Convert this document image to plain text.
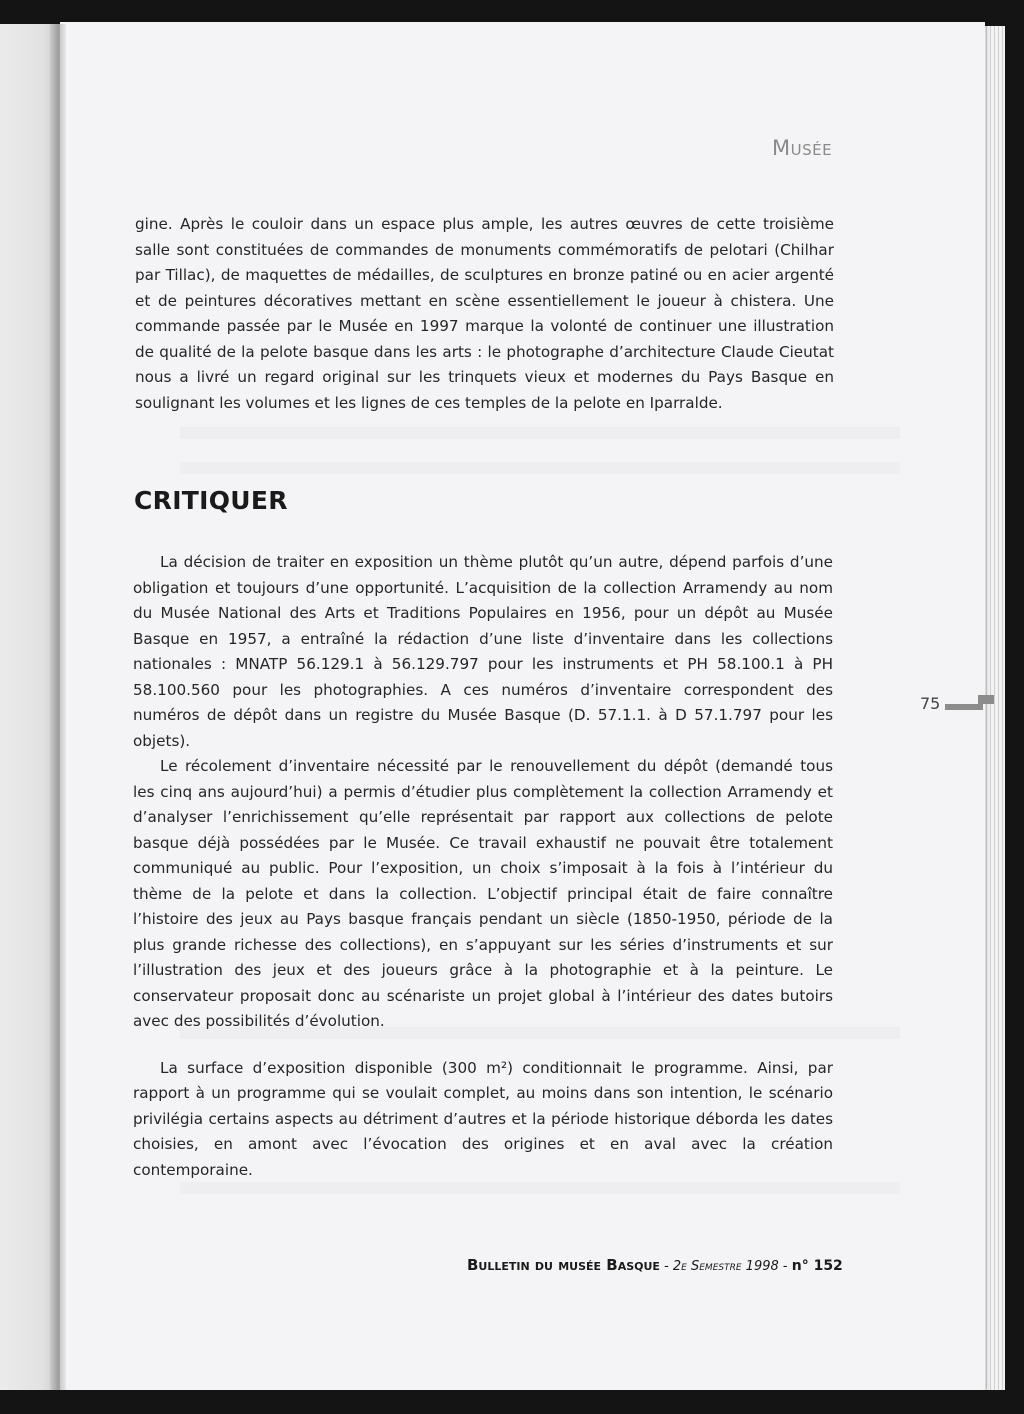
Musée
gine. Après le couloir dans un espace plus ample, les autres œuvres de cette troisième salle sont constituées de commandes de monuments commémoratifs de pelotari (Chilhar par Tillac), de maquettes de médailles, de sculptures en bronze patiné ou en acier argenté et de peintures décoratives mettant en scène essentiellement le joueur à chistera. Une commande passée par le Musée en 1997 marque la volonté de continuer une illustration de qualité de la pelote basque dans les arts : le photographe d’architecture Claude Cieutat nous a livré un regard original sur les trinquets vieux et modernes du Pays Basque en soulignant les volumes et les lignes de ces temples de la pelote en Iparralde.
CRITIQUER

La décision de traiter en exposition un thème plutôt qu’un autre, dépend parfois d’une obligation et toujours d’une opportunité. L’acquisition de la collection Arramendy au nom du Musée National des Arts et Traditions Populaires en 1956, pour un dépôt au Musée Basque en 1957, a entraîné la rédaction d’une liste d’inventaire dans les collections nationales : MNATP 56.129.1 à 56.129.797 pour les instruments et PH 58.100.1 à PH 58.100.560 pour les photographies. A ces numéros d’inventaire correspondent des numéros de dépôt dans un registre du Musée Basque (D. 57.1.1. à D 57.1.797 pour les objets).

Le récolement d’inventaire nécessité par le renouvellement du dépôt (demandé tous les cinq ans aujourd’hui) a permis d’étudier plus complètement la collection Arramendy et d’analyser l’enrichissement qu’elle représentait par rapport aux collections de pelote basque déjà possédées par le Musée. Ce travail exhaustif ne pouvait être totalement communiqué au public. Pour l’exposition, un choix s’imposait à la fois à l’intérieur du thème de la pelote et dans la collection. L’objectif principal était de faire connaître l’histoire des jeux au Pays basque français pendant un siècle (1850-1950, période de la plus grande richesse des collections), en s’appuyant sur les séries d’instruments et sur l’illustration des jeux et des joueurs grâce à la photographie et à la peinture. Le conservateur proposait donc au scénariste un projet global à l’intérieur des dates butoirs avec des possibilités d’évolution.

La surface d’exposition disponible (300 m²) conditionnait le programme. Ainsi, par rapport à un programme qui se voulait complet, au moins dans son intention, le scénario privilégia certains aspects au détriment d’autres et la période historique déborda les dates choisies, en amont avec l’évocation des origines et en aval avec la création contemporaine.

75
Bulletin du musée Basque - 2e Semestre 1998 - n° 152
